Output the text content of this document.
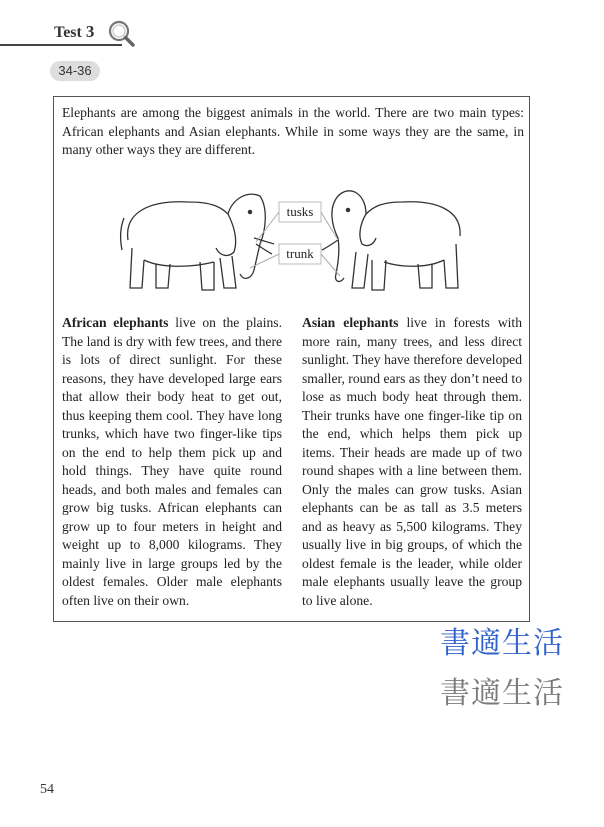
Test 3
34-36
Elephants are among the biggest animals in the world. There are two main types: African elephants and Asian elephants. While in some ways they are the same, in many other ways they are different.
tusks
trunk
African elephants live on the plains. The land is dry with few trees, and there is lots of direct sunlight. For these reasons, they have developed large ears that allow their body heat to get out, thus keeping them cool. They have long trunks, which have two finger-like tips on the end to help them pick up and hold things. They have quite round heads, and both males and females can grow big tusks. African elephants can grow up to four meters in height and weight up to 8,000 kilograms. They mainly live in large groups led by the oldest females. Older male elephants often live on their own.
Asian elephants live in forests with more rain, many trees, and less direct sunlight. They have therefore developed smaller, round ears as they don’t need to lose as much body heat through them. Their trunks have one finger-like tip on the end, which helps them pick up items. Their heads are made up of two round shapes with a line between them. Only the males can grow tusks. Asian elephants can be as tall as 3.5 meters and as heavy as 5,500 kilograms. They usually live in big groups, of which the oldest female is the leader, while older male elephants usually leave the group to live alone.
書適生活
書適生活
54
